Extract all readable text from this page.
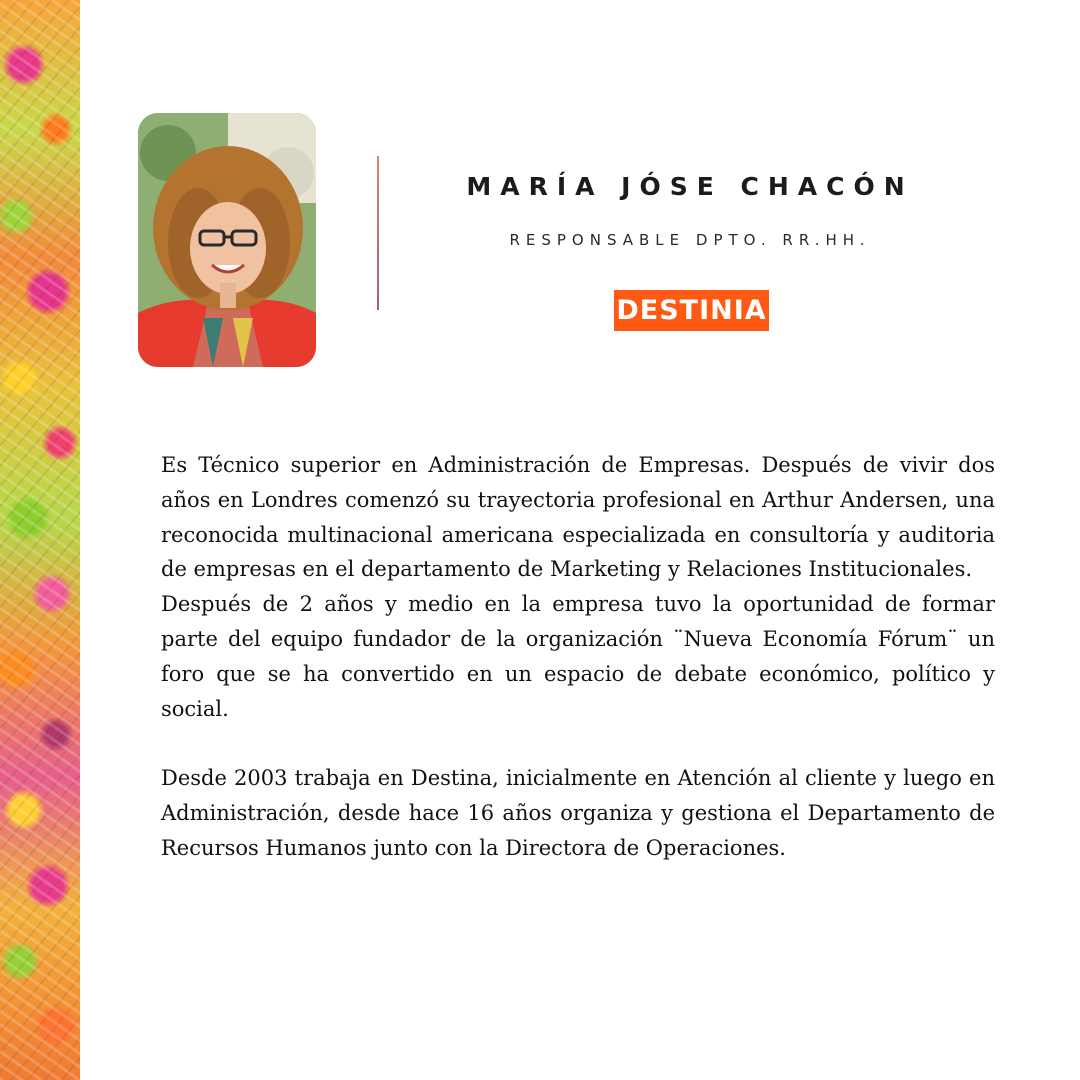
MARÍA JÓSE CHACÓN

RESPONSABLE DPTO. RR.HH.

DESTINIA

Es Técnico superior en Administración de Empresas. Después de vivir dos años en Londres comenzó su trayectoria profesional en Arthur Andersen, una reconocida multinacional americana especializada en consultoría y auditoria de empresas en el departamento de Marketing y Relaciones Institucionales.

Después de 2 años y medio en la empresa tuvo la oportunidad de formar parte del equipo fundador de la organización ¨Nueva Economía Fórum¨ un foro que se ha convertido en un espacio de debate económico, político y social.

Desde 2003 trabaja en Destina, inicialmente en Atención al cliente y luego en Administración, desde hace 16 años organiza y gestiona el Departamento de Recursos Humanos junto con la Directora de Operaciones.
